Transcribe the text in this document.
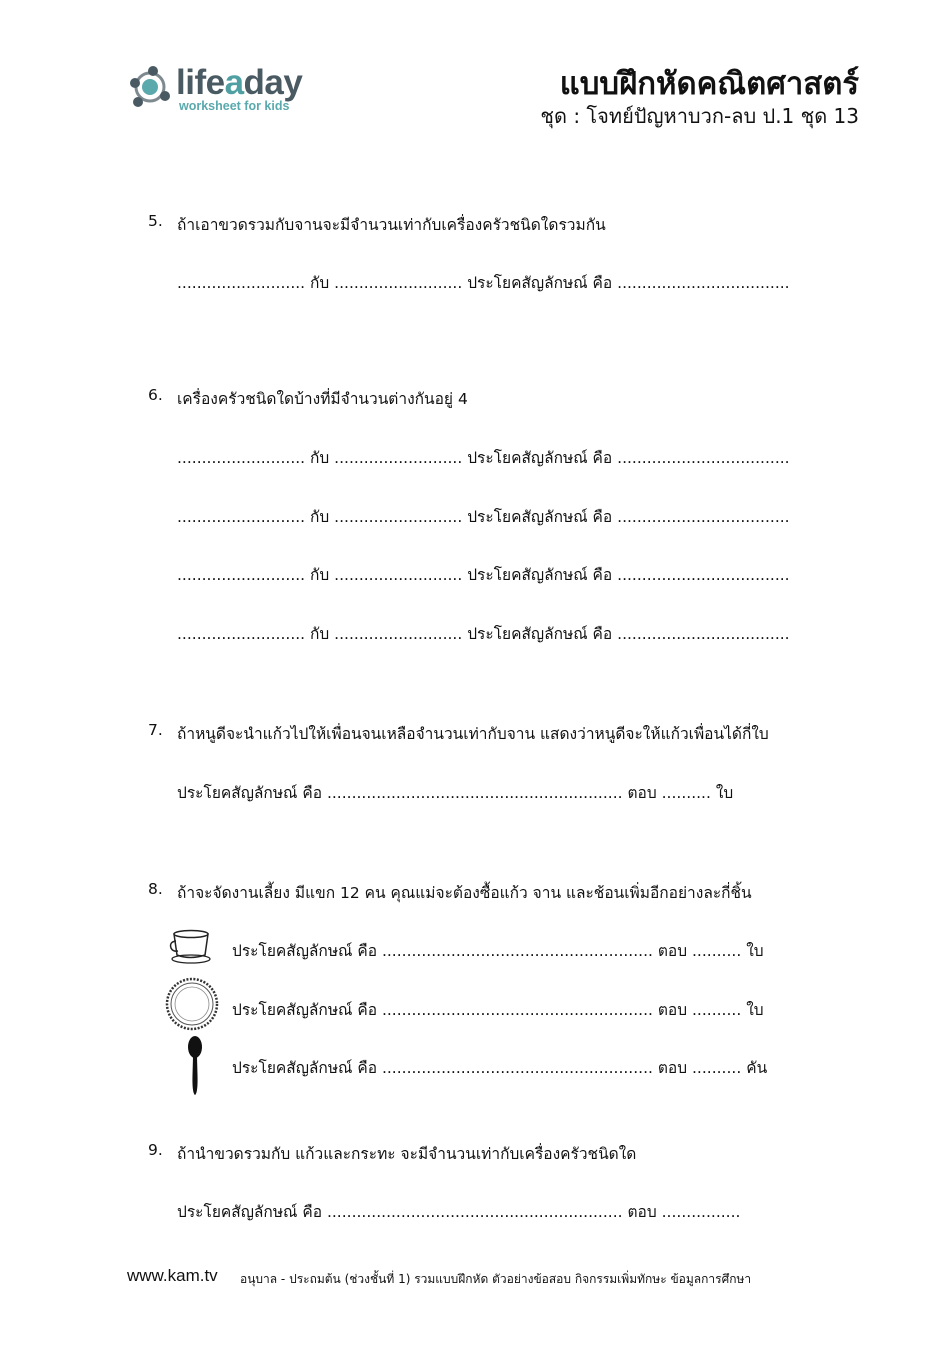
lifeaday
worksheet for kids
แบบฝึกหัดคณิตศาสตร์
ชุด : โจทย์ปัญหาบวก-ลบ ป.1 ชุด 13
5. ถ้าเอาขวดรวมกับจานจะมีจำนวนเท่ากับเครื่องครัวชนิดใดรวมกัน
.......................... กับ .......................... ประโยคสัญลักษณ์ คือ ...................................
6. เครื่องครัวชนิดใดบ้างที่มีจำนวนต่างกันอยู่ 4
.......................... กับ .......................... ประโยคสัญลักษณ์ คือ ...................................
.......................... กับ .......................... ประโยคสัญลักษณ์ คือ ...................................
.......................... กับ .......................... ประโยคสัญลักษณ์ คือ ...................................
.......................... กับ .......................... ประโยคสัญลักษณ์ คือ ...................................
7. ถ้าหนูดีจะนำแก้วไปให้เพื่อนจนเหลือจำนวนเท่ากับจาน แสดงว่าหนูดีจะให้แก้วเพื่อนได้กี่ใบ
ประโยคสัญลักษณ์ คือ ............................................................ ตอบ .......... ใบ
8. ถ้าจะจัดงานเลี้ยง มีแขก 12 คน คุณแม่จะต้องซื้อแก้ว จาน และช้อนเพิ่มอีกอย่างละกี่ชิ้น
ประโยคสัญลักษณ์ คือ ....................................................... ตอบ .......... ใบ
ประโยคสัญลักษณ์ คือ ....................................................... ตอบ .......... ใบ
ประโยคสัญลักษณ์ คือ ....................................................... ตอบ .......... คัน
9. ถ้านำขวดรวมกับ แก้วและกระทะ จะมีจำนวนเท่ากับเครื่องครัวชนิดใด
ประโยคสัญลักษณ์ คือ ............................................................ ตอบ ................
www.kam.tv อนุบาล - ประถมต้น (ช่วงชั้นที่ 1) รวมแบบฝึกหัด ตัวอย่างข้อสอบ กิจกรรมเพิ่มทักษะ ข้อมูลการศึกษา
